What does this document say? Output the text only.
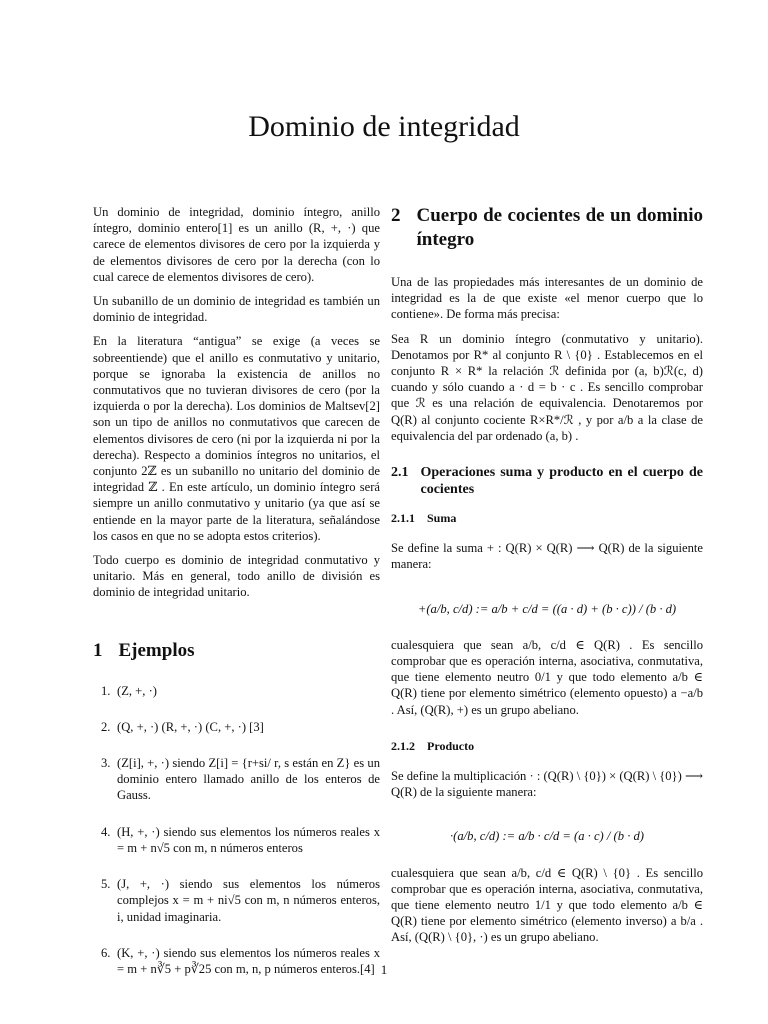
Dominio de integridad

Un dominio de integridad, dominio íntegro, anillo íntegro, dominio entero[1] es un anillo (R, +, ·) que carece de elementos divisores de cero por la izquierda y de elementos divisores de cero por la derecha (con lo cual carece de elementos divisores de cero).

Un subanillo de un dominio de integridad es también un dominio de integridad.

En la literatura “antigua” se exige (a veces se sobreentiende) que el anillo es conmutativo y unitario, porque se ignoraba la existencia de anillos no conmutativos que no tuvieran divisores de cero (por la izquierda o por la derecha). Los dominios de Maltsev[2] son un tipo de anillos no conmutativos que carecen de elementos divisores de cero (ni por la izquierda ni por la derecha). Respecto a dominios íntegros no unitarios, el conjunto 2ℤ es un subanillo no unitario del dominio de integridad ℤ . En este artículo, un dominio íntegro será siempre un anillo conmutativo y unitario (ya que así se entiende en la mayor parte de la literatura, señalándose los casos en que no se adopta estos criterios).

Todo cuerpo es dominio de integridad conmutativo y unitario. Más en general, todo anillo de división es dominio de integridad unitario.

1 Ejemplos
1. (Z, +, ·)
2. (Q, +, ·) (R, +, ·) (C, +, ·) [3]
3. (Z[i], +, ·) siendo Z[i] = {r+si/ r, s están en Z} es un dominio entero llamado anillo de los enteros de Gauss.
4. (H, +, ·) siendo sus elementos los números reales x = m + n√5 con m, n números enteros
5. (J, +, ·) siendo sus elementos los números complejos x = m + ni√5 con m, n números enteros, i, unidad imaginaria.
6. (K, +, ·) siendo sus elementos los números reales x = m + n∛5 + p∛25 con m, n, p números enteros.[4]
2 Cuerpo de cocientes de un dominio íntegro

Una de las propiedades más interesantes de un dominio de integridad es la de que existe «el menor cuerpo que lo contiene». De forma más precisa:

Sea R un dominio íntegro (conmutativo y unitario). Denotamos por R* al conjunto R \ {0} . Establecemos en el conjunto R × R* la relación ℛ definida por (a, b)ℛ(c, d) cuando y sólo cuando a · d = b · c . Es sencillo comprobar que ℛ es una relación de equivalencia. Denotaremos por Q(R) al conjunto cociente R×R*/ℛ , y por a/b a la clase de equivalencia del par ordenado (a, b) .

2.1 Operaciones suma y producto en el cuerpo de cocientes
2.1.1 Suma

Se define la suma + : Q(R) × Q(R) ⟶ Q(R) de la siguiente manera:

+(a/b, c/d) := a/b + c/d = ((a · d) + (b · c)) / (b · d)

cualesquiera que sean a/b, c/d ∈ Q(R) . Es sencillo comprobar que es operación interna, asociativa, conmutativa, que tiene elemento neutro 0/1 y que todo elemento a/b ∈ Q(R) tiene por elemento simétrico (elemento opuesto) a −a/b . Así, (Q(R), +) es un grupo abeliano.

2.1.2 Producto

Se define la multiplicación · : (Q(R) \ {0}) × (Q(R) \ {0}) ⟶ Q(R) de la siguiente manera:

·(a/b, c/d) := a/b · c/d = (a · c) / (b · d)

cualesquiera que sean a/b, c/d ∈ Q(R) \ {0} . Es sencillo comprobar que es operación interna, asociativa, conmutativa, que tiene elemento neutro 1/1 y que todo elemento a/b ∈ Q(R) tiene por elemento simétrico (elemento inverso) a b/a . Así, (Q(R) \ {0}, ·) es un grupo abeliano.

1
